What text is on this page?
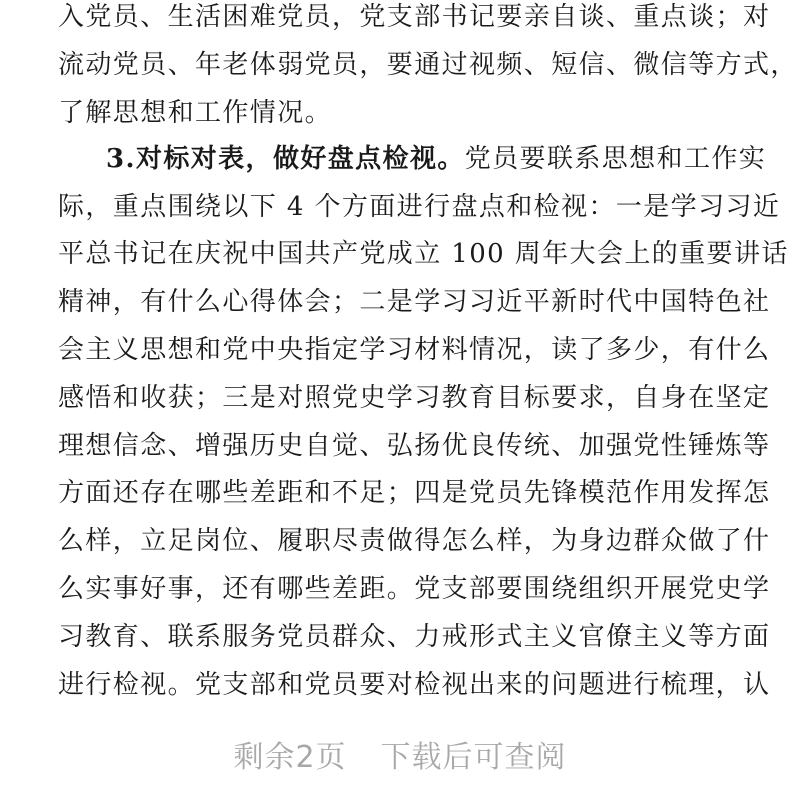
入党员、生活困难党员，党支部书记要亲自谈、重点谈；对
流动党员、年老体弱党员，要通过视频、短信、微信等方式，
了解思想和工作情况。
3.对标对表，做好盘点检视。党员要联系思想和工作实
际，重点围绕以下 4 个方面进行盘点和检视：一是学习习近
平总书记在庆祝中国共产党成立 100 周年大会上的重要讲话
精神，有什么心得体会；二是学习习近平新时代中国特色社
会主义思想和党中央指定学习材料情况，读了多少，有什么
感悟和收获；三是对照党史学习教育目标要求，自身在坚定
理想信念、增强历史自觉、弘扬优良传统、加强党性锤炼等
方面还存在哪些差距和不足；四是党员先锋模范作用发挥怎
么样，立足岗位、履职尽责做得怎么样，为身边群众做了什
么实事好事，还有哪些差距。党支部要围绕组织开展党史学
习教育、联系服务党员群众、力戒形式主义官僚主义等方面
进行检视。党支部和党员要对检视出来的问题进行梳理，认
剩余2页 下载后可查阅
